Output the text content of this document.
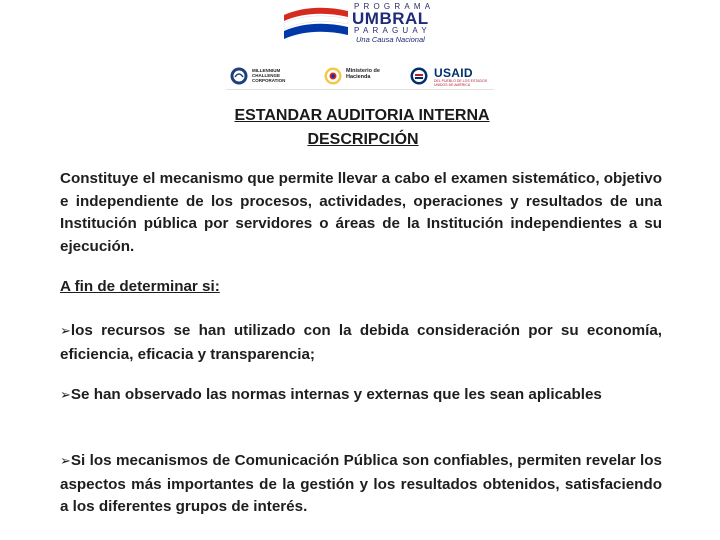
PROGRAMA
UMBRAL
PARAGUAY
Una Causa Nacional
MILLENNIUM CHALLENGE CORPORATION
Ministerio de Hacienda	USAID
DEL PUEBLO DE LOS ESTADOS UNIDOS DE AMÉRICA
ESTANDAR AUDITORIA INTERNA
DESCRIPCIÓN
Constituye el mecanismo que permite llevar a cabo el examen sistemático, objetivo e independiente de los procesos, actividades, operaciones y resultados de una Institución pública por servidores o áreas de la Institución independientes a su ejecución.
A fin de determinar si:
➢los recursos se han utilizado con la debida consideración por su economía, eficiencia, eficacia y transparencia;
➢Se han observado las normas internas y externas que les sean aplicables
➢Si los mecanismos de Comunicación Pública son confiables, permiten revelar los aspectos más importantes de la gestión y los resultados obtenidos, satisfaciendo a los diferentes grupos de interés.
